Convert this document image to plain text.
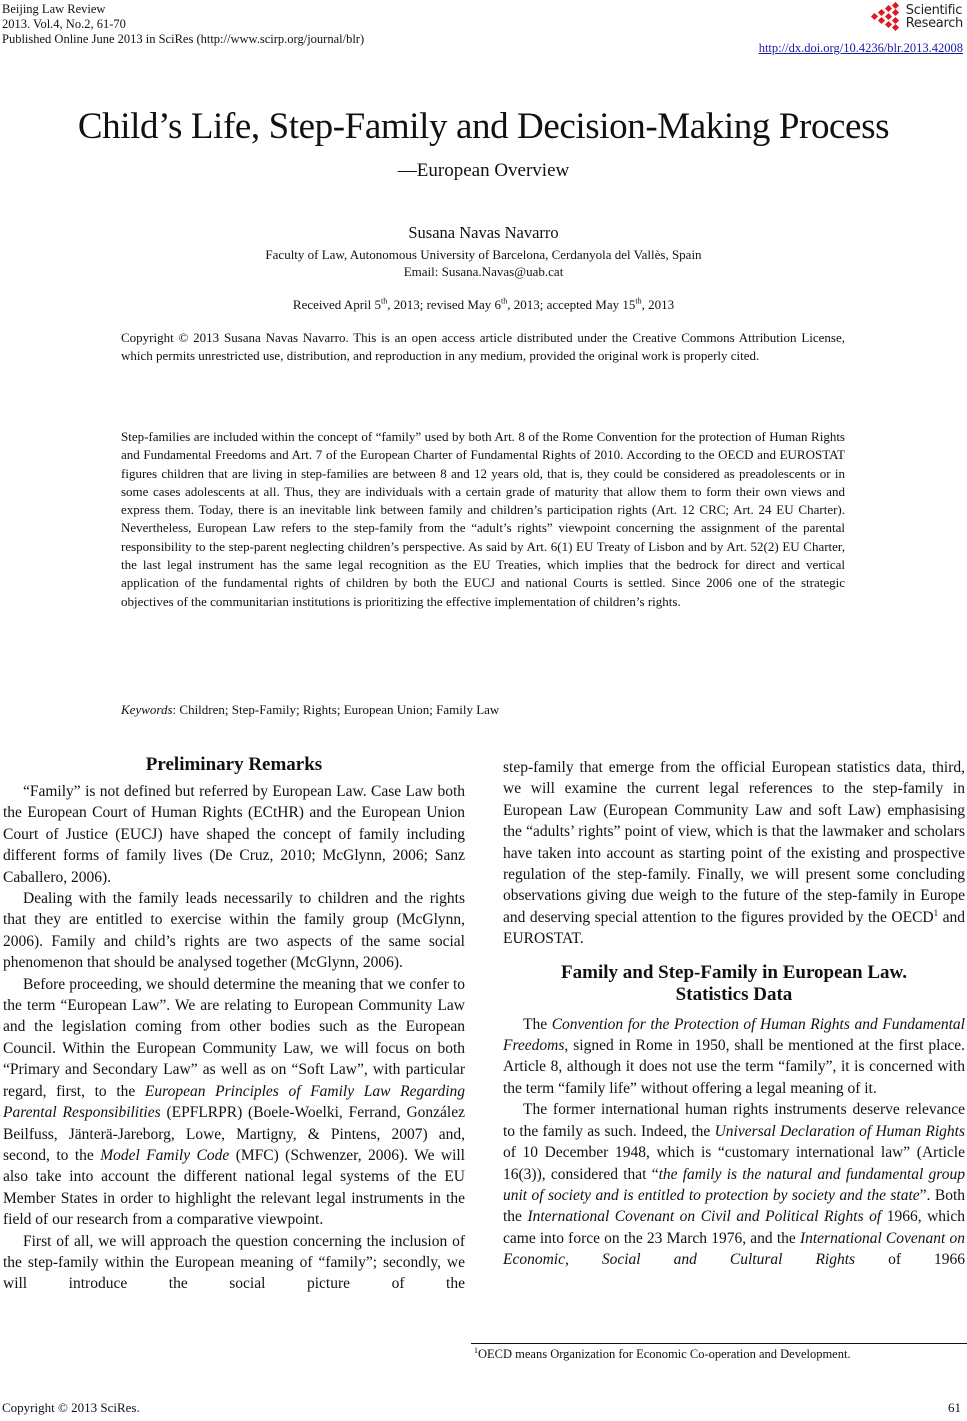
Beijing Law Review
2013. Vol.4, No.2, 61-70
Published Online June 2013 in SciRes (http://www.scirp.org/journal/blr)
Scientific
Research
http://dx.doi.org/10.4236/blr.2013.42008
Child’s Life, Step-Family and Decision-Making Process
—European Overview
Susana Navas Navarro
Faculty of Law, Autonomous University of Barcelona, Cerdanyola del Vallès, Spain
Email: Susana.Navas@uab.cat
Received April 5th, 2013; revised May 6th, 2013; accepted May 15th, 2013
Copyright © 2013 Susana Navas Navarro. This is an open access article distributed under the Creative Commons Attribution License, which permits unrestricted use, distribution, and reproduction in any medium, provided the original work is properly cited.
Step-families are included within the concept of “family” used by both Art. 8 of the Rome Convention for the protection of Human Rights and Fundamental Freedoms and Art. 7 of the European Charter of Fundamental Rights of 2010. According to the OECD and EUROSTAT figures children that are living in step-families are between 8 and 12 years old, that is, they could be considered as preadolescents or in some cases adolescents at all. Thus, they are individuals with a certain grade of maturity that allow them to form their own views and express them. Today, there is an inevitable link between family and children’s participation rights (Art. 12 CRC; Art. 24 EU Charter). Nevertheless, European Law refers to the step-family from the “adult’s rights” viewpoint concerning the assignment of the parental responsibility to the step-parent neglecting children’s perspective. As said by Art. 6(1) EU Treaty of Lisbon and by Art. 52(2) EU Charter, the last legal instrument has the same legal recognition as the EU Treaties, which implies that the bedrock for direct and vertical application of the fundamental rights of children by both the EUCJ and national Courts is settled. Since 2006 one of the strategic objectives of the communitarian institutions is prioritizing the effective implementation of children’s rights.
Keywords: Children; Step-Family; Rights; European Union; Family Law
Preliminary Remarks

“Family” is not defined but referred by European Law. Case Law both the European Court of Human Rights (ECtHR) and the European Union Court of Justice (EUCJ) have shaped the concept of family including different forms of family lives (De Cruz, 2010; McGlynn, 2006; Sanz Caballero, 2006).

Dealing with the family leads necessarily to children and the rights that they are entitled to exercise within the family group (McGlynn, 2006). Family and child’s rights are two aspects of the same social phenomenon that should be analysed together (McGlynn, 2006).

Before proceeding, we should determine the meaning that we confer to the term “European Law”. We are relating to European Community Law and the legislation coming from other bodies such as the European Council. Within the European Community Law, we will focus on both “Primary and Secondary Law” as well as on “Soft Law”, with particular regard, first, to the European Principles of Family Law Regarding Parental Responsibilities (EPFLRPR) (Boele-Woelki, Ferrand, González Beilfuss, Jänterä-Jareborg, Lowe, Martigny, & Pintens, 2007) and, second, to the Model Family Code (MFC) (Schwenzer, 2006). We will also take into account the different national legal systems of the EU Member States in order to highlight the relevant legal instruments in the field of our research from a comparative viewpoint.

First of all, we will approach the question concerning the inclusion of the step-family within the European meaning of “family”; secondly, we will introduce the social picture of the

step-family that emerge from the official European statistics data, third, we will examine the current legal references to the step-family in European Law (European Community Law and soft Law) emphasising the “adults’ rights” point of view, which is that the lawmaker and scholars have taken into account as starting point of the existing and prospective regulation of the step-family. Finally, we will present some concluding observations giving due weigh to the future of the step-family in Europe and deserving special attention to the figures provided by the OECD$^1$ and EUROSTAT.

Family and Step-Family in European Law.
Statistics Data

The Convention for the Protection of Human Rights and Fundamental Freedoms, signed in Rome in 1950, shall be mentioned at the first place. Article 8, although it does not use the term “family”, it is concerned with the term “family life” without offering a legal meaning of it.

The former international human rights instruments deserve relevance to the family as such. Indeed, the Universal Declaration of Human Rights of 10 December 1948, which is “customary international law” (Article 16(3)), considered that “the family is the natural and fundamental group unit of society and is entitled to protection by society and the state”. Both the International Covenant on Civil and Political Rights of 1966, which came into force on the 23 March 1976, and the International Covenant on Economic, Social and Cultural Rights of 1966

$^1$OECD means Organization for Economic Co-operation and Development.
Copyright © 2013 SciRes.	61
